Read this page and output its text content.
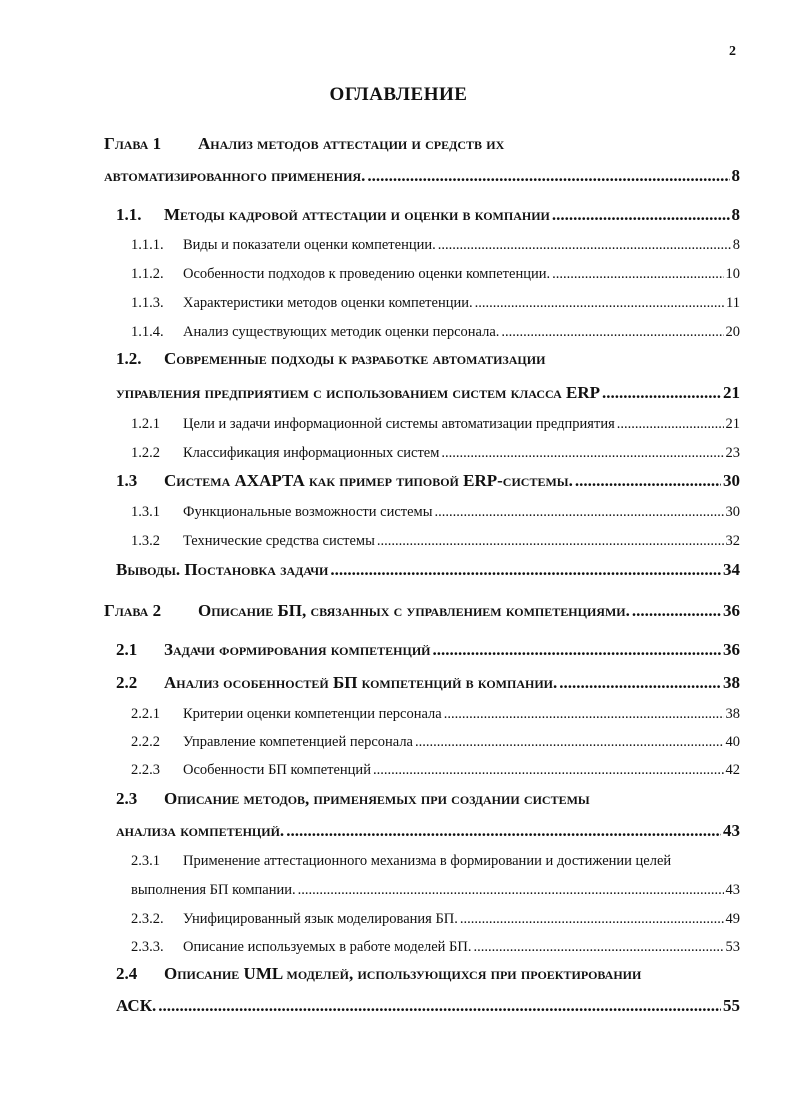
2
ОГЛАВЛЕНИЕ
Глава 1 Анализ методов аттестации и средств их
автоматизированного применения. .....	8
1.1.	Методы кадровой аттестации и оценки в компании .....	8
1.1.1.	Виды и показатели оценки компетенции. .....	8
1.1.2.	Особенности подходов к проведению оценки компетенции. .....	10
1.1.3.	Характеристики методов оценки компетенции. .....	11
1.1.4.	Анализ существующих методик оценки персонала. .....	20
1.2. Современные подходы к разработке автоматизации
управления предприятием с использованием систем класса ERP .....	21
1.2.1	Цели и задачи информационной системы автоматизации предприятия .....	21
1.2.2	Классификация информационных систем .....	23
1.3	Система АХАРТА как пример типовой ERP-системы. .....	30
1.3.1	Функциональные возможности системы .....	30
1.3.2	Технические средства системы .....	32
Выводы. Постановка задачи .....	34
Глава 2	Описание БП, связанных с управлением компетенциями. .....	36
2.1	Задачи формирования компетенций .....	36
2.2	Анализ особенностей БП компетенций в компании. .....	38
2.2.1	Критерии оценки компетенции персонала .....	38
2.2.2	Управление компетенцией персонала .....	40
2.2.3	Особенности БП компетенций .....	42
2.3 Описание методов, применяемых при создании системы
анализа компетенций. .....	43
2.3.1 Применение аттестационного механизма в формировании и достижении целей
выполнения БП компании. .....	43
2.3.2.	Унифицированный язык моделирования БП. .....	49
2.3.3.	Описание используемых в работе моделей БП. .....	53
2.4 Описание UML моделей, использующихся при проектировании
АСК. .....	55
